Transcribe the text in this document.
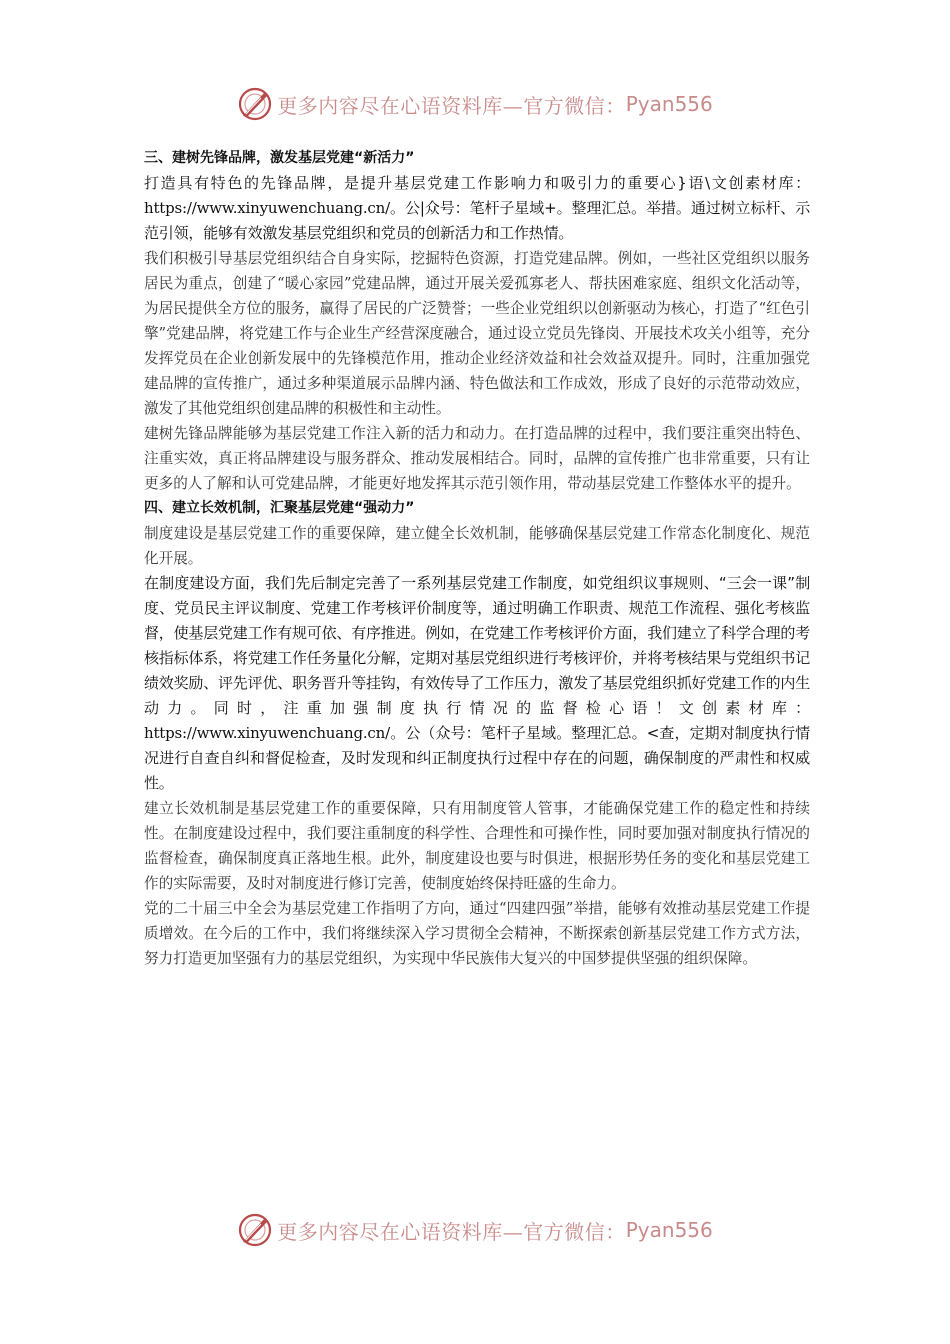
更多内容尽在心语资料库—官方微信： Pyan556

三、建树先锋品牌，激发基层党建“新活力”

打造具有特色的先锋品牌，是提升基层党建工作影响力和吸引力的重要心}语\文创素材库：https://www.xinyuwenchuang.cn/。公|众号：笔杆子星域+。整理汇总。举措。通过树立标杆、示范引领，能够有效激发基层党组织和党员的创新活力和工作热情。

我们积极引导基层党组织结合自身实际，挖掘特色资源，打造党建品牌。例如，一些社区党组织以服务居民为重点，创建了“暖心家园”党建品牌，通过开展关爱孤寡老人、帮扶困难家庭、组织文化活动等，为居民提供全方位的服务，赢得了居民的广泛赞誉；一些企业党组织以创新驱动为核心，打造了“红色引擎”党建品牌，将党建工作与企业生产经营深度融合，通过设立党员先锋岗、开展技术攻关小组等，充分发挥党员在企业创新发展中的先锋模范作用，推动企业经济效益和社会效益双提升。同时，注重加强党建品牌的宣传推广，通过多种渠道展示品牌内涵、特色做法和工作成效，形成了良好的示范带动效应，激发了其他党组织创建品牌的积极性和主动性。

建树先锋品牌能够为基层党建工作注入新的活力和动力。在打造品牌的过程中，我们要注重突出特色、注重实效，真正将品牌建设与服务群众、推动发展相结合。同时，品牌的宣传推广也非常重要，只有让更多的人了解和认可党建品牌，才能更好地发挥其示范引领作用，带动基层党建工作整体水平的提升。

四、建立长效机制，汇聚基层党建“强动力”

制度建设是基层党建工作的重要保障，建立健全长效机制，能够确保基层党建工作常态化制度化、规范化开展。

在制度建设方面，我们先后制定完善了一系列基层党建工作制度，如党组织议事规则、“三会一课”制度、党员民主评议制度、党建工作考核评价制度等，通过明确工作职责、规范工作流程、强化考核监督，使基层党建工作有规可依、有序推进。例如，在党建工作考核评价方面，我们建立了科学合理的考核指标体系，将党建工作任务量化分解，定期对基层党组织进行考核评价，并将考核结果与党组织书记绩效奖励、评先评优、职务晋升等挂钩，有效传导了工作压力，激发了基层党组织抓好党建工作的内生动力。同时，注重加强制度执行情况的监督检心语！文创素材库：https://www.xinyuwenchuang.cn/。公（众号：笔杆子星域。整理汇总。<查，定期对制度执行情况进行自查自纠和督促检查，及时发现和纠正制度执行过程中存在的问题，确保制度的严肃性和权威性。

建立长效机制是基层党建工作的重要保障，只有用制度管人管事，才能确保党建工作的稳定性和持续性。在制度建设过程中，我们要注重制度的科学性、合理性和可操作性，同时要加强对制度执行情况的监督检查，确保制度真正落地生根。此外，制度建设也要与时俱进，根据形势任务的变化和基层党建工作的实际需要，及时对制度进行修订完善，使制度始终保持旺盛的生命力。

党的二十届三中全会为基层党建工作指明了方向，通过“四建四强”举措，能够有效推动基层党建工作提质增效。在今后的工作中，我们将继续深入学习贯彻全会精神，不断探索创新基层党建工作方式方法，努力打造更加坚强有力的基层党组织，为实现中华民族伟大复兴的中国梦提供坚强的组织保障。

更多内容尽在心语资料库—官方微信： Pyan556
